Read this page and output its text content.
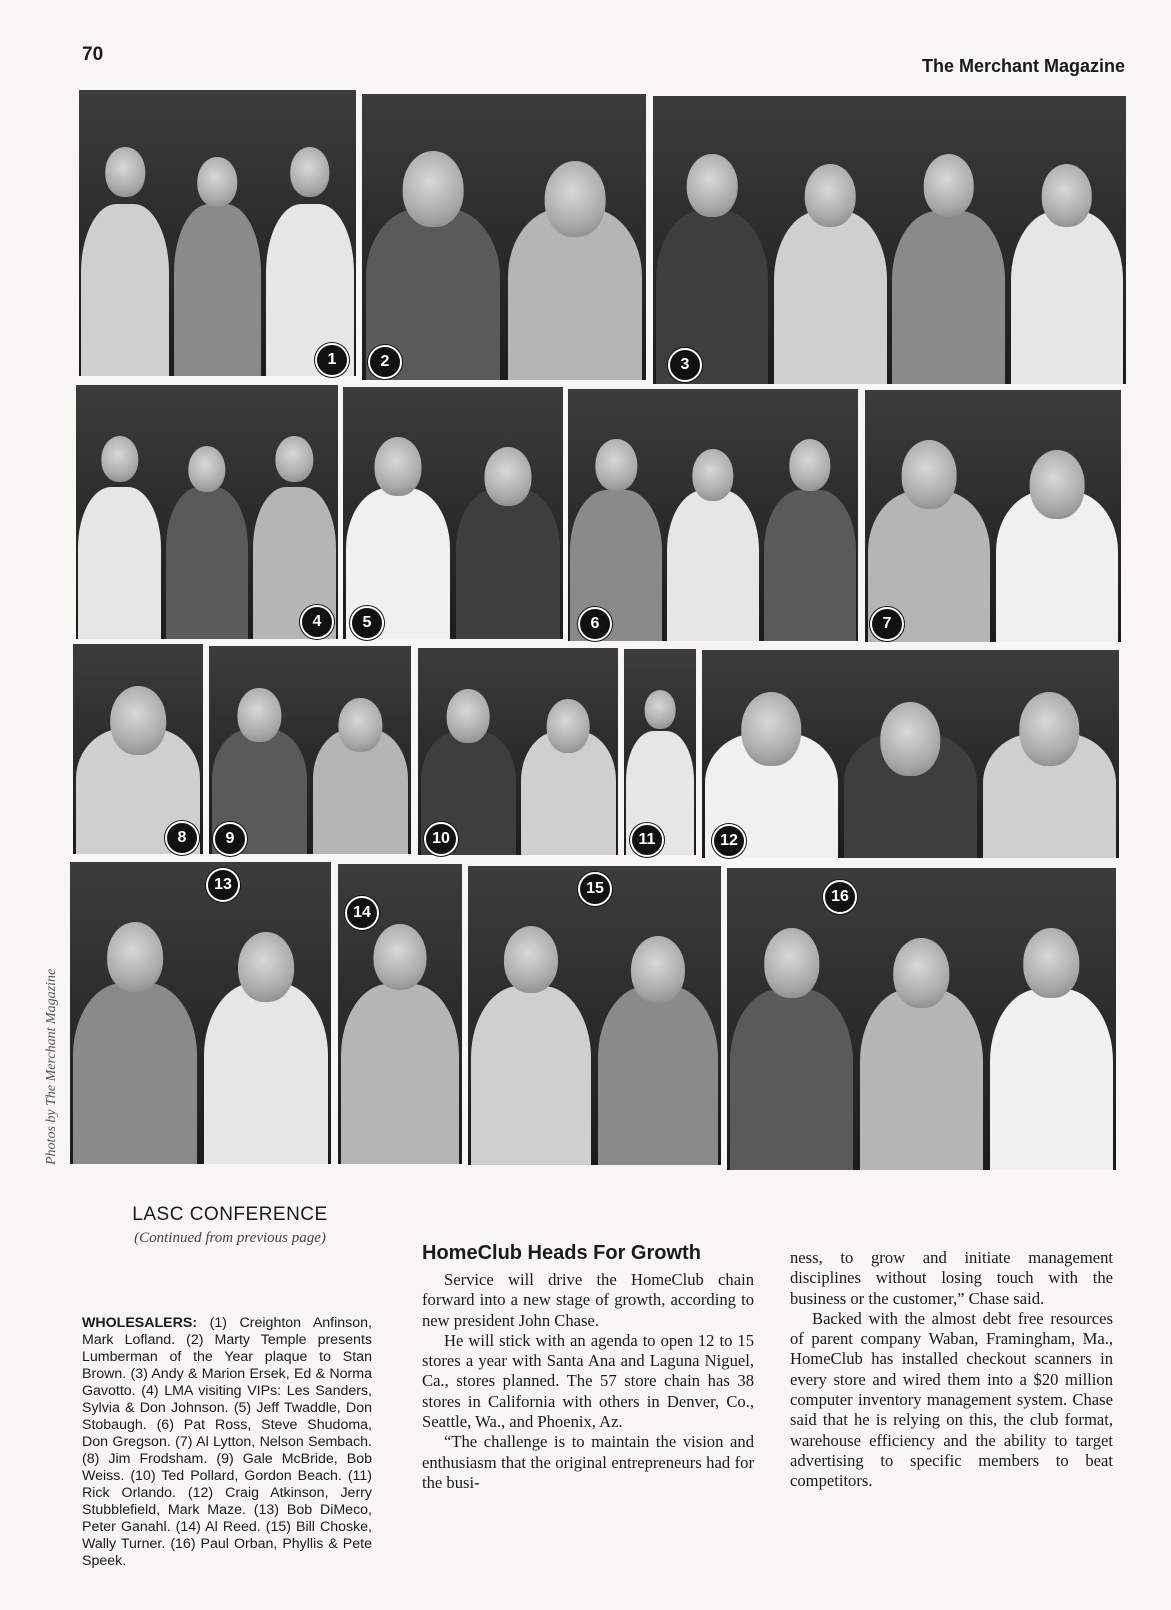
70
The Merchant Magazine
Photos by The Merchant Magazine
1	2	3
4	5	6	7
8	9	10	11	12
13
14
15	16
LASC CONFERENCE
(Continued from previous page)
WHOLESALERS: (1) Creighton Anfinson, Mark Lofland. (2) Marty Temple presents Lumberman of the Year plaque to Stan Brown. (3) Andy & Marion Ersek, Ed & Norma Gavotto. (4) LMA visiting VIPs: Les Sanders, Sylvia & Don Johnson. (5) Jeff Twaddle, Don Stobaugh. (6) Pat Ross, Steve Shudoma, Don Gregson. (7) Al Lytton, Nelson Sembach. (8) Jim Frodsham. (9) Gale McBride, Bob Weiss. (10) Ted Pollard, Gordon Beach. (11) Rick Orlando. (12) Craig Atkinson, Jerry Stubblefield, Mark Maze. (13) Bob DiMeco, Peter Ganahl. (14) Al Reed. (15) Bill Choske, Wally Turner. (16) Paul Orban, Phyllis & Pete Speek.
HomeClub Heads For Growth

Service will drive the HomeClub chain forward into a new stage of growth, according to new president John Chase.

He will stick with an agenda to open 12 to 15 stores a year with Santa Ana and Laguna Niguel, Ca., stores planned. The 57 store chain has 38 stores in California with others in Denver, Co., Seattle, Wa., and Phoenix, Az.

“The challenge is to maintain the vision and enthusiasm that the original entrepreneurs had for the busi-

ness, to grow and initiate management disciplines without losing touch with the business or the customer,” Chase said.

Backed with the almost debt free resources of parent company Waban, Framingham, Ma., HomeClub has installed checkout scanners in every store and wired them into a $20 million computer inventory management system. Chase said that he is relying on this, the club format, warehouse efficiency and the ability to target advertising to specific members to beat competitors.
